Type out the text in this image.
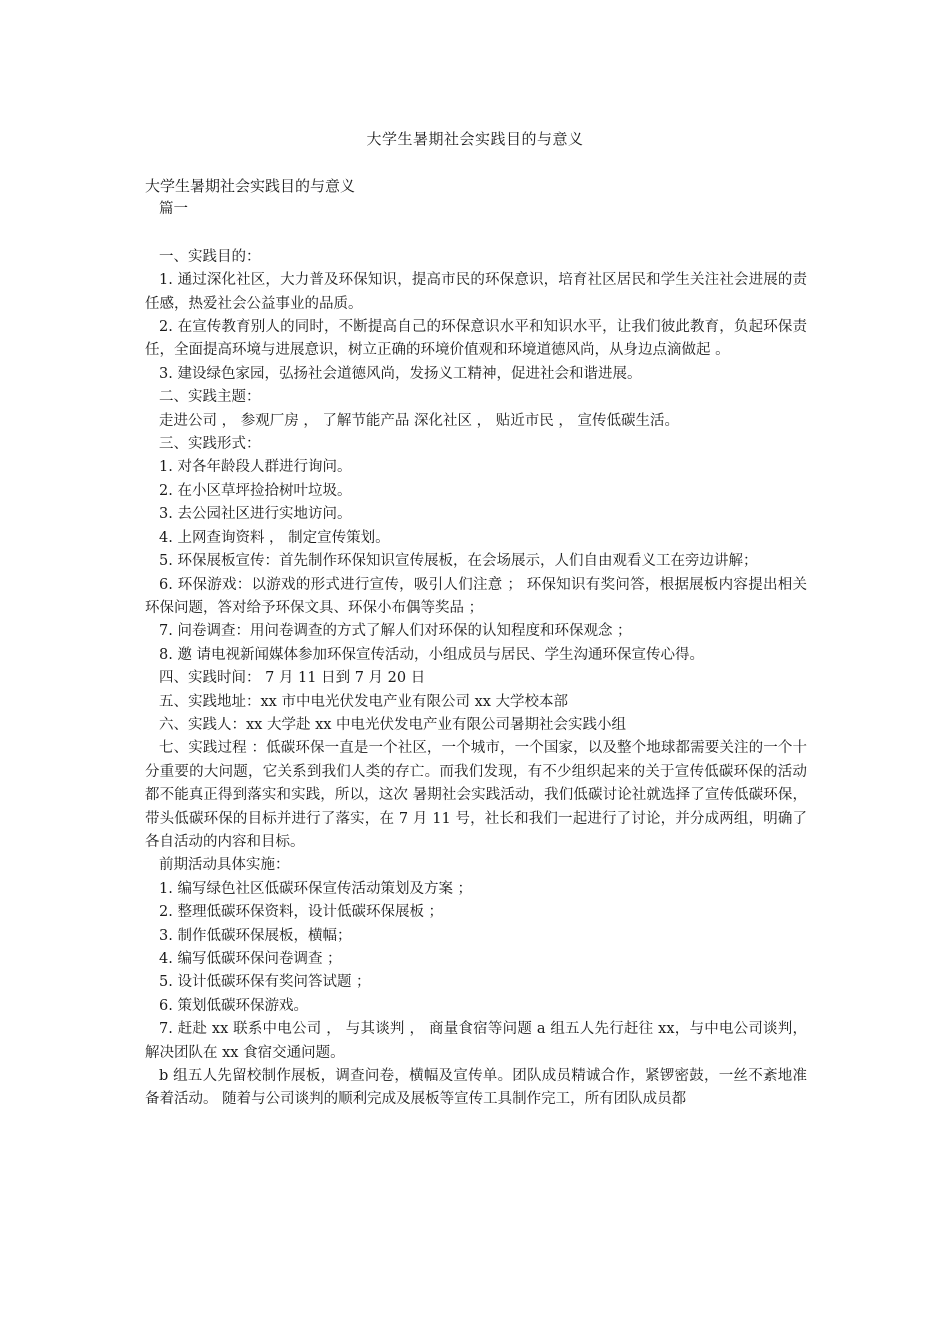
大学生暑期社会实践目的与意义

大学生暑期社会实践目的与意义

篇一

一、实践目的：

1. 通过深化社区，大力普及环保知识，提高市民的环保意识，培育社区居民和学生关注社会进展的责任感，热爱社会公益事业的品质。

2. 在宣传教育别人的同时，不断提高自己的环保意识水平和知识水平，让我们彼此教育，负起环保责任，全面提高环境与进展意识，树立正确的环境价值观和环境道德风尚，从身边点滴做起 。

3. 建设绿色家园，弘扬社会道德风尚，发扬义工精神，促进社会和谐进展。

二、实践主题：

走进公司 ， 参观厂房 ， 了解节能产品 深化社区 ， 贴近市民 ， 宣传低碳生活。

三、实践形式：

1. 对各年龄段人群进行询问。

2. 在小区草坪捡拾树叶垃圾。

3. 去公园社区进行实地访问。

4. 上网查询资料 ， 制定宣传策划。

5. 环保展板宣传：首先制作环保知识宣传展板，在会场展示，人们自由观看义工在旁边讲解；

6. 环保游戏：以游戏的形式进行宣传，吸引人们注意 ； 环保知识有奖问答，根据展板内容提出相关环保问题，答对给予环保文具、环保小布偶等奖品 ；

7. 问卷调查：用问卷调查的方式了解人们对环保的认知程度和环保观念 ；

8. 邀 请电视新闻媒体参加环保宣传活动，小组成员与居民、学生沟通环保宣传心得。

四、实践时间： 7 月 11 日到 7 月 20 日

五、实践地址：xx 市中电光伏发电产业有限公司 xx 大学校本部

六、实践人：xx 大学赴 xx 中电光伏发电产业有限公司暑期社会实践小组

七、实践过程 ：低碳环保一直是一个社区，一个城市，一个国家，以及整个地球都需要关注的一个十分重要的大问题，它关系到我们人类的存亡。而我们发现，有不少组织起来的关于宣传低碳环保的活动都不能真正得到落实和实践，所以，这次 暑期社会实践活动，我们低碳讨论社就选择了宣传低碳环保，带头低碳环保的目标并进行了落实，在 7 月 11 号，社长和我们一起进行了讨论，并分成两组，明确了各自活动的内容和目标。

前期活动具体实施：

1. 编写绿色社区低碳环保宣传活动策划及方案 ；

2. 整理低碳环保资料，设计低碳环保展板 ；

3. 制作低碳环保展板，横幅；

4. 编写低碳环保问卷调查 ；

5. 设计低碳环保有奖问答试题 ；

6. 策划低碳环保游戏。

7. 赶赴 xx 联系中电公司 ， 与其谈判 ， 商量食宿等问题 a 组五人先行赶往 xx，与中电公司谈判， 解决团队在 xx 食宿交通问题。

b 组五人先留校制作展板，调查问卷，横幅及宣传单。团队成员精诚合作，紧锣密鼓，一丝不紊地准备着活动。 随着与公司谈判的顺利完成及展板等宣传工具制作完工，所有团队成员都
